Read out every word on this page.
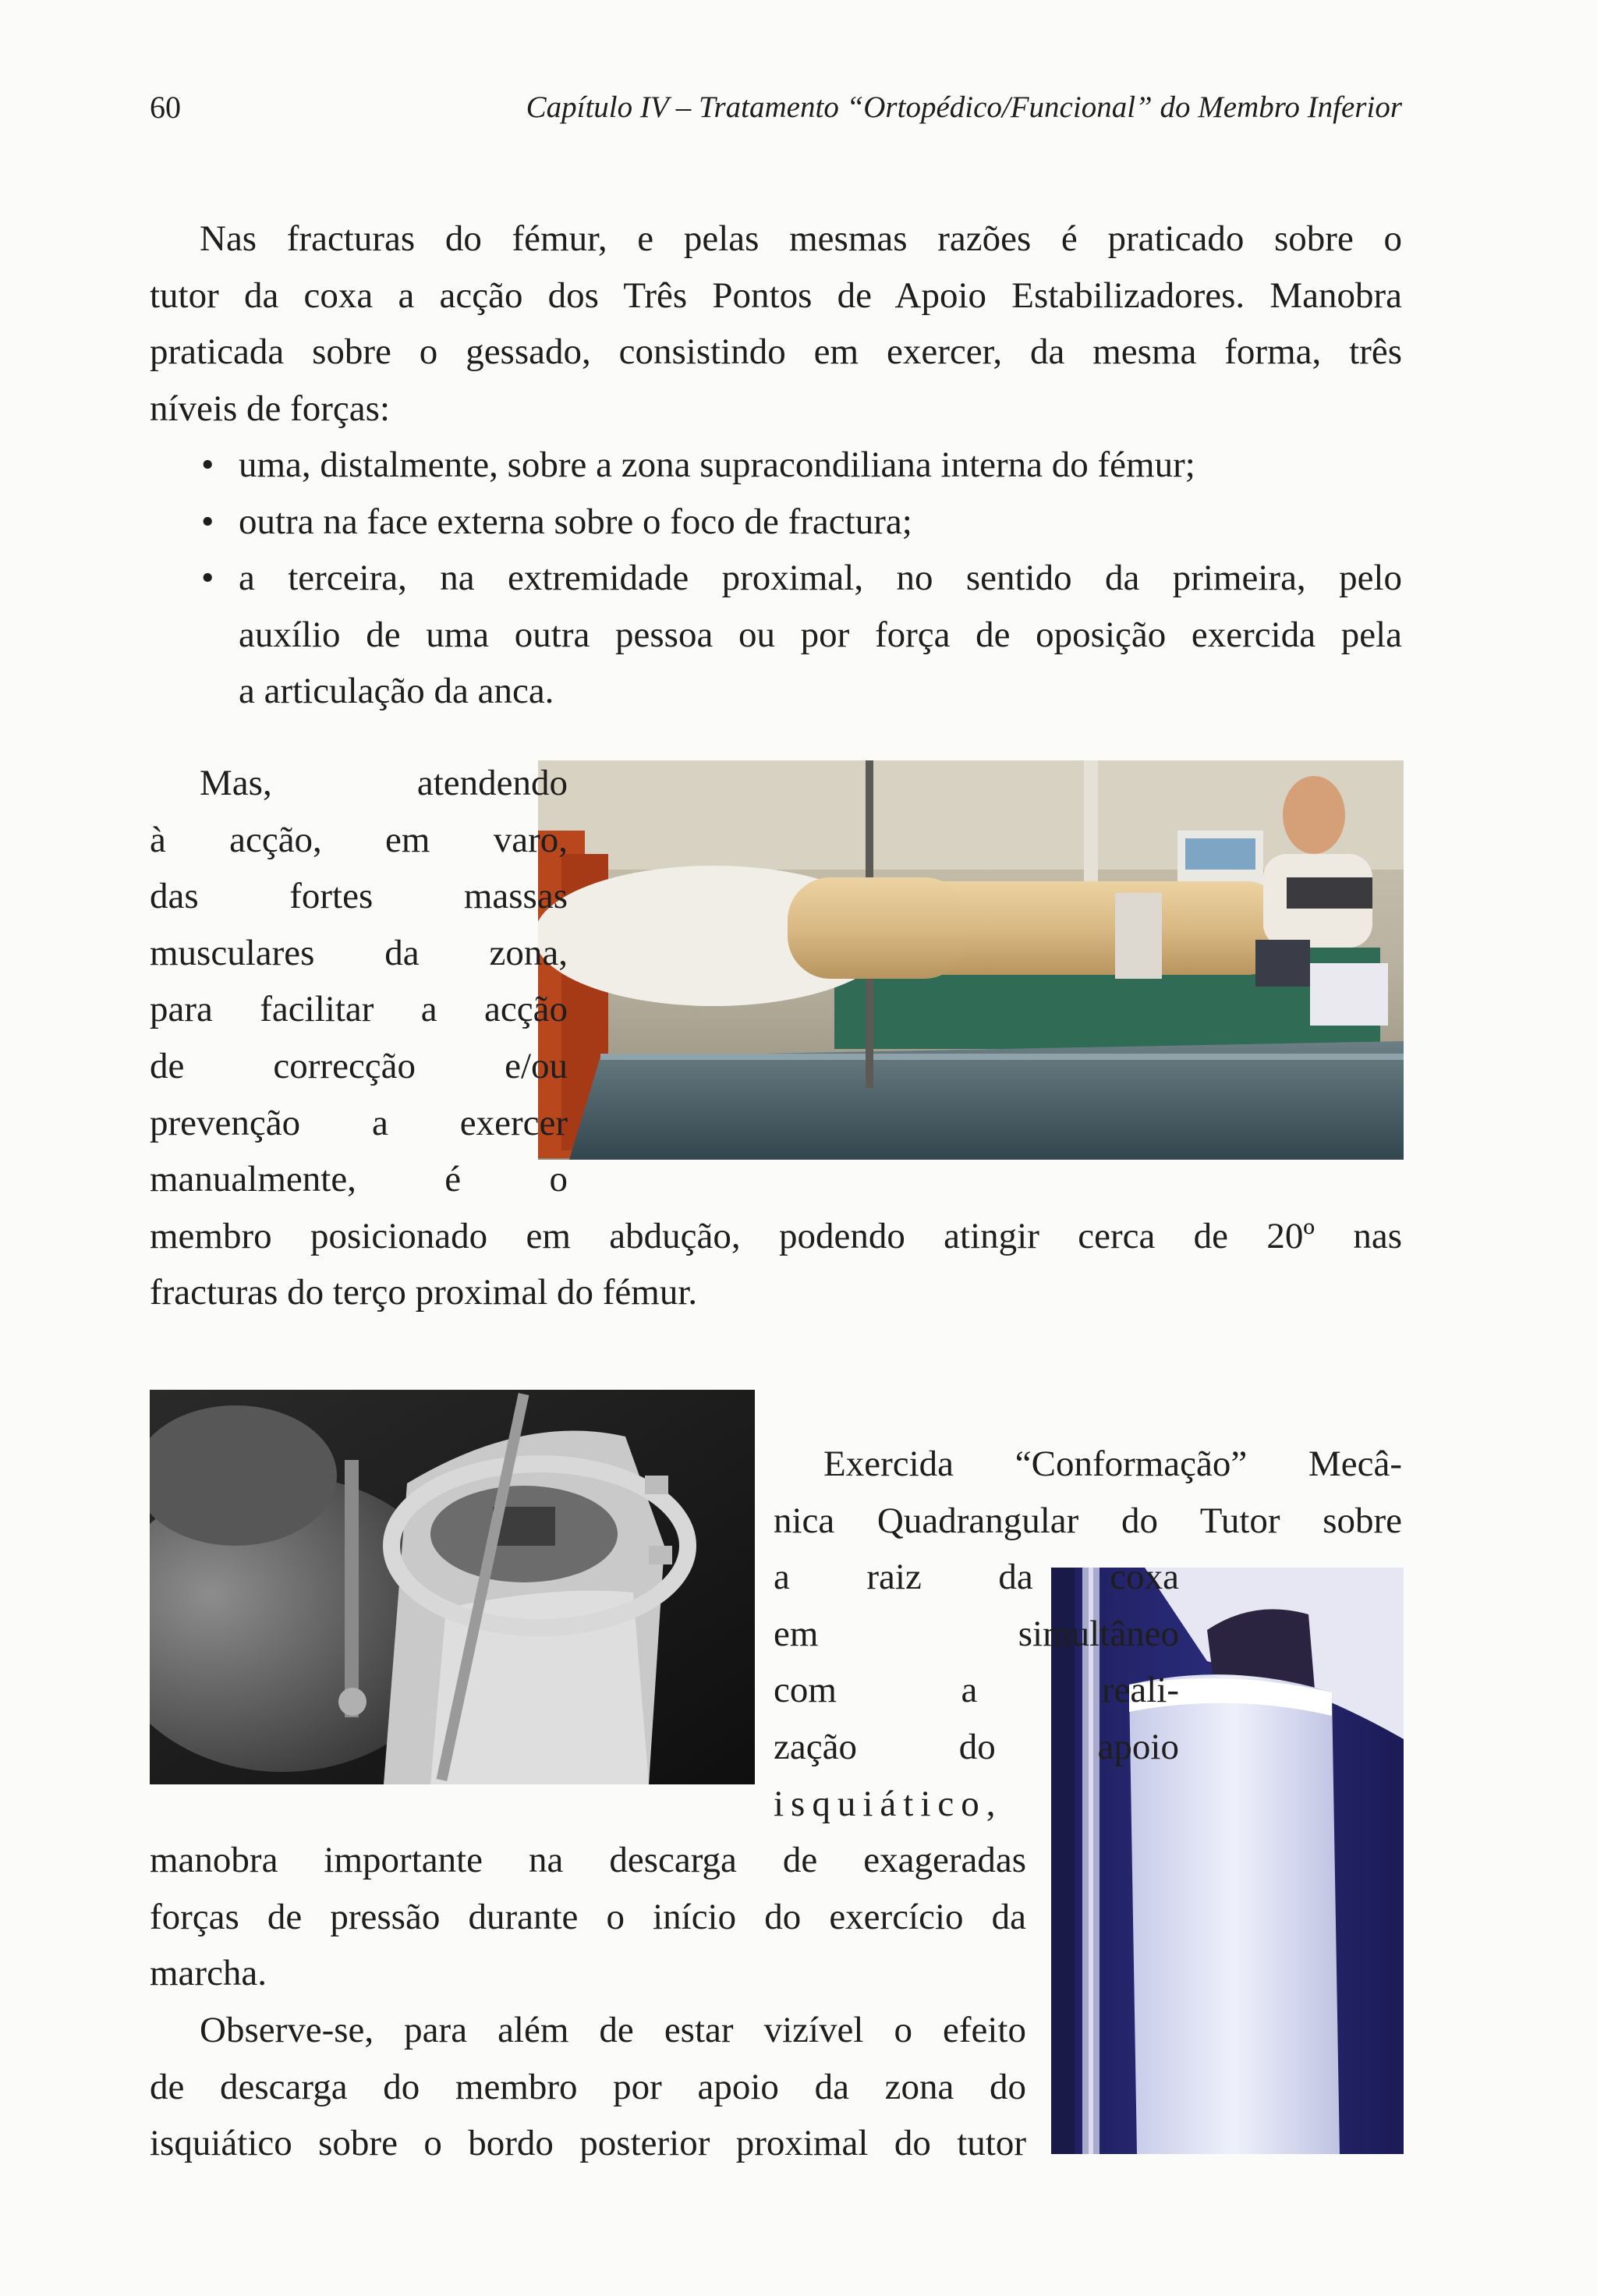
60	Capítulo IV – Tratamento “Ortopédico/Funcional” do Membro Inferior
Nas fracturas do fémur, e pelas mesmas razões é praticado sobre o
tutor da coxa a acção dos Três Pontos de Apoio Estabilizadores. Manobra
praticada sobre o gessado, consistindo em exercer, da mesma forma, três
níveis de forças:
• uma, distalmente, sobre a zona supracondiliana interna do fémur;
• outra na face externa sobre o foco de fractura;
• a terceira, na extremidade proximal, no sentido da primeira, pelo
auxílio de uma outra pessoa ou por força de oposição exercida pela
a articulação da anca.
Mas, atendendo
à acção, em varo,
das fortes massas
musculares da zona,
para facilitar a acção
de correcção e/ou
prevenção a exercer
manualmente, é o
membro posicionado em abdução, podendo atingir cerca de 20º nas
fracturas do terço proximal do fémur.
Exercida “Conformação” Mecâ-
nica Quadrangular do Tutor sobre
a raiz da coxa
em simultâneo
com a reali-
zação do apoio
isquiático,
manobra importante na descarga de exageradas
forças de pressão durante o início do exercício da
marcha.
Observe-se, para além de estar vizível o efeito
de descarga do membro por apoio da zona do
isquiático sobre o bordo posterior proximal do tutor
